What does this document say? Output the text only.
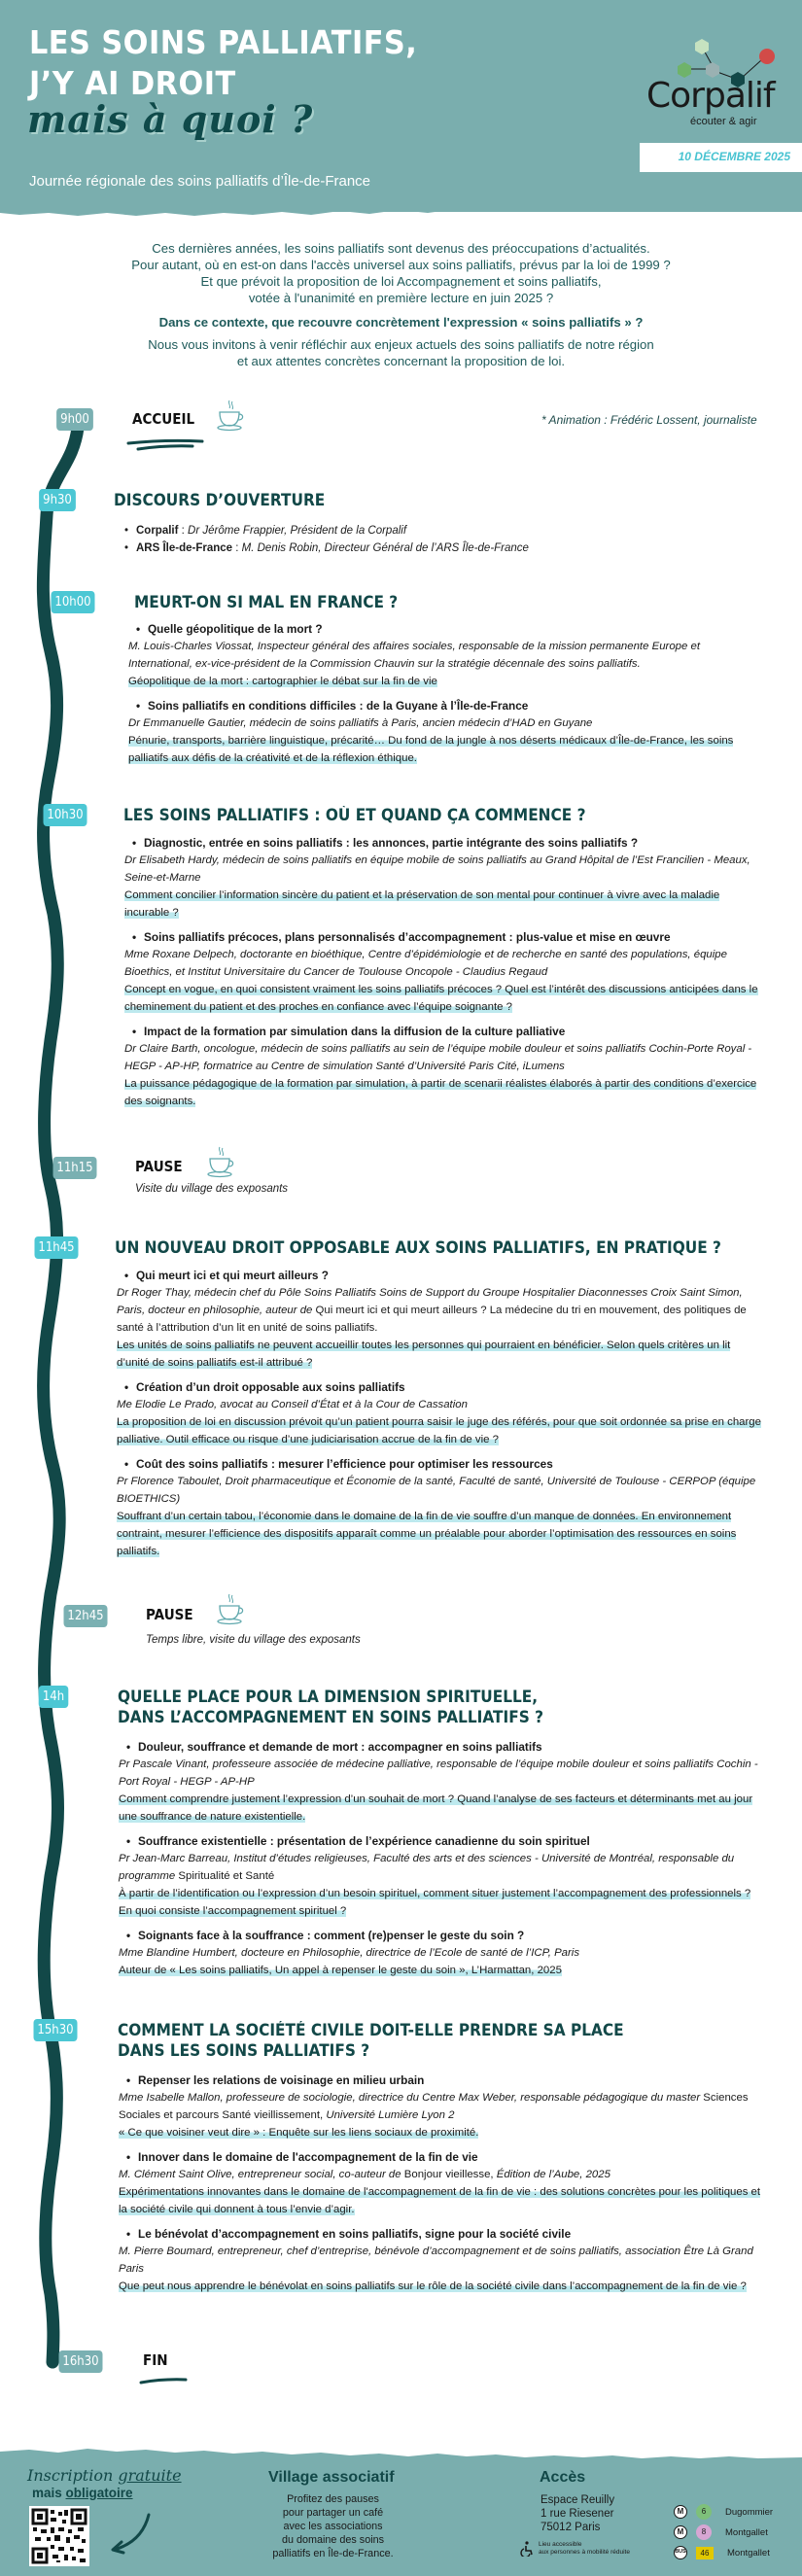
LES SOINS PALLIATIFS,
J’Y AI DROIT
mais à quoi ?
Journée régionale des soins palliatifs d’Île-de-France
Corpalif
écouter & agir
10 DÉCEMBRE 2025
Ces dernières années, les soins palliatifs sont devenus des préoccupations d’actualités.
Pour autant, où en est-on dans l'accès universel aux soins palliatifs, prévus par la loi de 1999 ?
Et que prévoit la proposition de loi Accompagnement et soins palliatifs,
votée à l'unanimité en première lecture en juin 2025 ?
Dans ce contexte, que recouvre concrètement l'expression « soins palliatifs » ?
Nous vous invitons à venir réfléchir aux enjeux actuels des soins palliatifs de notre région
et aux attentes concrètes concernant la proposition de loi.
9h00	ACCUEIL	* Animation : Frédéric Lossent, journaliste
9h30	DISCOURS D’OUVERTURE
• Corpalif : Dr Jérôme Frappier, Président de la Corpalif
• ARS Île-de-France : M. Denis Robin, Directeur Général de l’ARS Île-de-France
10h00	MEURT-ON SI MAL EN FRANCE ?
• Quelle géopolitique de la mort ?
M. Louis-Charles Viossat, Inspecteur général des affaires sociales, responsable de la mission permanente Europe et International, ex-vice-président de la Commission Chauvin sur la stratégie décennale des soins palliatifs.
Géopolitique de la mort : cartographier le débat sur la fin de vie
• Soins palliatifs en conditions difficiles : de la Guyane à l’Île-de-France
Dr Emmanuelle Gautier, médecin de soins palliatifs à Paris, ancien médecin d’HAD en Guyane
Pénurie, transports, barrière linguistique, précarité… Du fond de la jungle à nos déserts médicaux d’Île-de-France, les soins palliatifs aux défis de la créativité et de la réflexion éthique.
10h30	LES SOINS PALLIATIFS : OÙ ET QUAND ÇA COMMENCE ?
• Diagnostic, entrée en soins palliatifs : les annonces, partie intégrante des soins palliatifs ?
Dr Elisabeth Hardy, médecin de soins palliatifs en équipe mobile de soins palliatifs au Grand Hôpital de l’Est Francilien - Meaux, Seine-et-Marne
Comment concilier l’information sincère du patient et la préservation de son mental pour continuer à vivre avec la maladie incurable ?
• Soins palliatifs précoces, plans personnalisés d’accompagnement : plus-value et mise en œuvre
Mme Roxane Delpech, doctorante en bioéthique, Centre d’épidémiologie et de recherche en santé des populations, équipe Bioethics, et Institut Universitaire du Cancer de Toulouse Oncopole - Claudius Regaud
Concept en vogue, en quoi consistent vraiment les soins palliatifs précoces ? Quel est l’intérêt des discussions anticipées dans le cheminement du patient et des proches en confiance avec l’équipe soignante ?
• Impact de la formation par simulation dans la diffusion de la culture palliative
Dr Claire Barth, oncologue, médecin de soins palliatifs au sein de l’équipe mobile douleur et soins palliatifs Cochin-Porte Royal - HEGP - AP-HP, formatrice au Centre de simulation Santé d’Université Paris Cité, iLumens
La puissance pédagogique de la formation par simulation, à partir de scenarii réalistes élaborés à partir des conditions d’exercice des soignants.
11h15	PAUSE
Visite du village des exposants
11h45	UN NOUVEAU DROIT OPPOSABLE AUX SOINS PALLIATIFS, EN PRATIQUE ?
• Qui meurt ici et qui meurt ailleurs ?
Dr Roger Thay, médecin chef du Pôle Soins Palliatifs Soins de Support du Groupe Hospitalier Diaconnesses Croix Saint Simon, Paris, docteur en philosophie, auteur de Qui meurt ici et qui meurt ailleurs ? La médecine du tri en mouvement, des politiques de santé à l’attribution d’un lit en unité de soins palliatifs.
Les unités de soins palliatifs ne peuvent accueillir toutes les personnes qui pourraient en bénéficier. Selon quels critères un lit d’unité de soins palliatifs est-il attribué ?
• Création d’un droit opposable aux soins palliatifs
Me Elodie Le Prado, avocat au Conseil d’État et à la Cour de Cassation
La proposition de loi en discussion prévoit qu’un patient pourra saisir le juge des référés, pour que soit ordonnée sa prise en charge palliative. Outil efficace ou risque d’une judiciarisation accrue de la fin de vie ?
• Coût des soins palliatifs : mesurer l’efficience pour optimiser les ressources
Pr Florence Taboulet, Droit pharmaceutique et Économie de la santé, Faculté de santé, Université de Toulouse - CERPOP (équipe BIOETHICS)
Souffrant d’un certain tabou, l’économie dans le domaine de la fin de vie souffre d’un manque de données. En environnement contraint, mesurer l’efficience des dispositifs apparaît comme un préalable pour aborder l’optimisation des ressources en soins palliatifs.
12h45	PAUSE
Temps libre, visite du village des exposants
14h	QUELLE PLACE POUR LA DIMENSION SPIRITUELLE,
DANS L’ACCOMPAGNEMENT EN SOINS PALLIATIFS ?
• Douleur, souffrance et demande de mort : accompagner en soins palliatifs
Pr Pascale Vinant, professeure associée de médecine palliative, responsable de l’équipe mobile douleur et soins palliatifs Cochin - Port Royal - HEGP - AP-HP
Comment comprendre justement l’expression d’un souhait de mort ? Quand l’analyse de ses facteurs et déterminants met au jour une souffrance de nature existentielle.
• Souffrance existentielle : présentation de l’expérience canadienne du soin spirituel
Pr Jean-Marc Barreau, Institut d’études religieuses, Faculté des arts et des sciences - Université de Montréal, responsable du programme Spiritualité et Santé
À partir de l’identification ou l’expression d’un besoin spirituel, comment situer justement l’accompagnement des professionnels ? En quoi consiste l’accompagnement spirituel ?
• Soignants face à la souffrance : comment (re)penser le geste du soin ?
Mme Blandine Humbert, docteure en Philosophie, directrice de l’Ecole de santé de l’ICP, Paris
Auteur de « Les soins palliatifs, Un appel à repenser le geste du soin », L’Harmattan, 2025
15h30	COMMENT LA SOCIÉTÉ CIVILE DOIT-ELLE PRENDRE SA PLACE
DANS LES SOINS PALLIATIFS ?
• Repenser les relations de voisinage en milieu urbain
Mme Isabelle Mallon, professeure de sociologie, directrice du Centre Max Weber, responsable pédagogique du master Sciences Sociales et parcours Santé vieillissement, Université Lumière Lyon 2
« Ce que voisiner veut dire » : Enquête sur les liens sociaux de proximité.
• Innover dans le domaine de l'accompagnement de la fin de vie
M. Clément Saint Olive, entrepreneur social, co-auteur de Bonjour vieillesse, Édition de l’Aube, 2025
Expérimentations innovantes dans le domaine de l'accompagnement de la fin de vie : des solutions concrètes pour les politiques et la société civile qui donnent à tous l’envie d’agir.
• Le bénévolat d’accompagnement en soins palliatifs, signe pour la société civile
M. Pierre Boumard, entrepreneur, chef d’entreprise, bénévole d’accompagnement et de soins palliatifs, association Être Là Grand Paris
Que peut nous apprendre le bénévolat en soins palliatifs sur le rôle de la société civile dans l’accompagnement de la fin de vie ?
16h30	FIN
Inscription gratuite
mais obligatoire
Village associatif
Profitez des pauses
pour partager un café
avec les associations
du domaine des soins
palliatifs en Île-de-France.
Accès
Espace Reuilly
1 rue Riesener
75012 Paris
Lieu accessible
aux personnes à mobilité réduite
M	6	Dugommier
M	8	Montgallet
BUS	46	Montgallet
